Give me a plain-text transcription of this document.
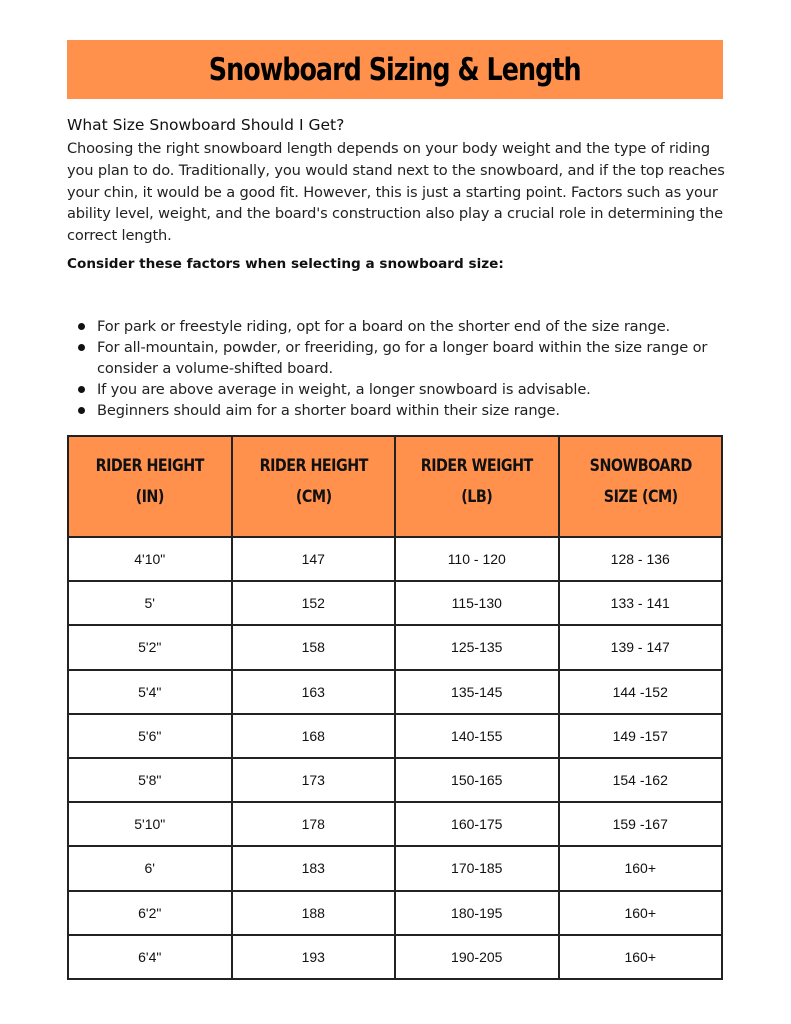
Snowboard Sizing & Length
What Size Snowboard Should I Get?
Choosing the right snowboard length depends on your body weight and the type of riding you plan to do. Traditionally, you would stand next to the snowboard, and if the top reaches your chin, it would be a good fit. However, this is just a starting point. Factors such as your ability level, weight, and the board's construction also play a crucial role in determining the correct length.
Consider these factors when selecting a snowboard size:
For park or freestyle riding, opt for a board on the shorter end of the size range.
For all-mountain, powder, or freeriding, go for a longer board within the size range or consider a volume-shifted board.
If you are above average in weight, a longer snowboard is advisable.
Beginners should aim for a shorter board within their size range.
RIDER HEIGHT (IN)	RIDER HEIGHT (CM)	RIDER WEIGHT (LB)	SNOWBOARD SIZE (CM)
4'10"	147	110 - 120	128 - 136
5'	152	115-130	133 - 141
5'2"	158	125-135	139 - 147
5'4"	163	135-145	144 -152
5'6"	168	140-155	149 -157
5'8"	173	150-165	154 -162
5'10"	178	160-175	159 -167
6'	183	170-185	160+
6'2"	188	180-195	160+
6'4"	193	190-205	160+
